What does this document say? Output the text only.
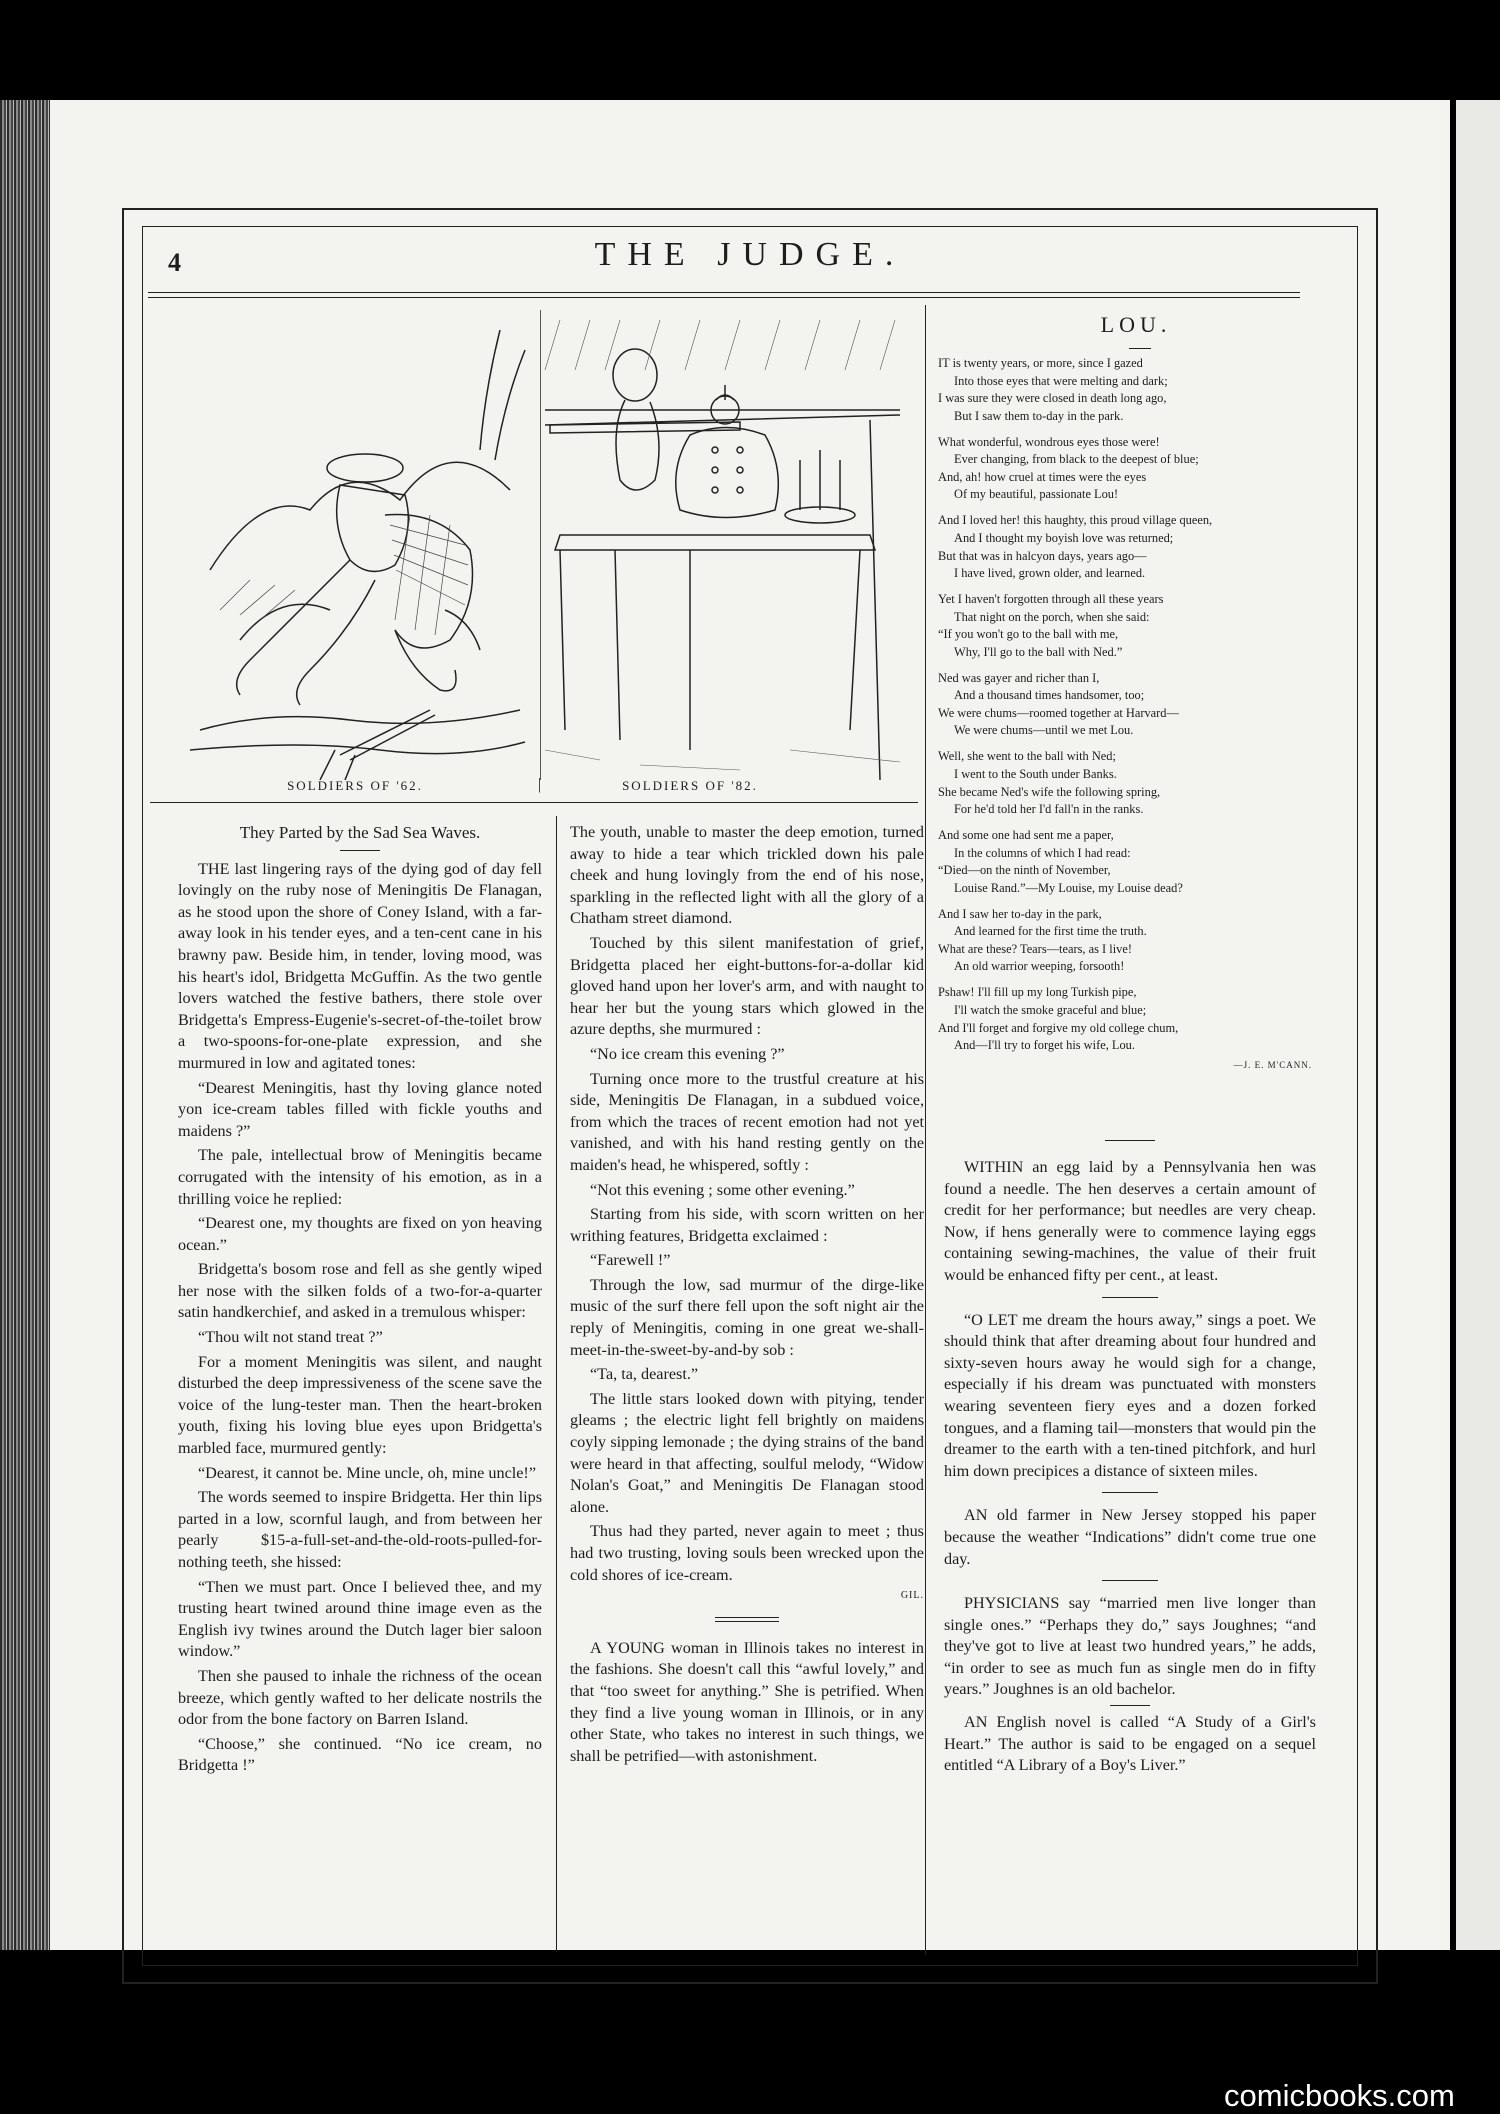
4	THE JUDGE.
SOLDIERS OF '62.	|	SOLDIERS OF '82.

They Parted by the Sad Sea Waves.

THE last lingering rays of the dying god of day fell lovingly on the ruby nose of Meningitis De Flanagan, as he stood upon the shore of Coney Island, with a far-away look in his tender eyes, and a ten-cent cane in his brawny paw. Beside him, in tender, loving mood, was his heart's idol, Bridgetta McGuffin. As the two gentle lovers watched the festive bathers, there stole over Bridgetta's Empress-Eugenie's-secret-of-the-toilet brow a two-spoons-for-one-plate expression, and she murmured in low and agitated tones:

“Dearest Meningitis, hast thy loving glance noted yon ice-cream tables filled with fickle youths and maidens ?”

The pale, intellectual brow of Meningitis became corrugated with the intensity of his emotion, as in a thrilling voice he replied:

“Dearest one, my thoughts are fixed on yon heaving ocean.”

Bridgetta's bosom rose and fell as she gently wiped her nose with the silken folds of a two-for-a-quarter satin handkerchief, and asked in a tremulous whisper:

“Thou wilt not stand treat ?”

For a moment Meningitis was silent, and naught disturbed the deep impressiveness of the scene save the voice of the lung-tester man. Then the heart-broken youth, fixing his loving blue eyes upon Bridgetta's marbled face, murmured gently:

“Dearest, it cannot be. Mine uncle, oh, mine uncle!”

The words seemed to inspire Bridgetta. Her thin lips parted in a low, scornful laugh, and from between her pearly $15-a-full-set-and-the-old-roots-pulled-for-nothing teeth, she hissed:

“Then we must part. Once I believed thee, and my trusting heart twined around thine image even as the English ivy twines around the Dutch lager bier saloon window.”

Then she paused to inhale the richness of the ocean breeze, which gently wafted to her delicate nostrils the odor from the bone factory on Barren Island.

“Choose,” she continued. “No ice cream, no Bridgetta !”

The youth, unable to master the deep emotion, turned away to hide a tear which trickled down his pale cheek and hung lovingly from the end of his nose, sparkling in the reflected light with all the glory of a Chatham street diamond.

Touched by this silent manifestation of grief, Bridgetta placed her eight-buttons-for-a-dollar kid gloved hand upon her lover's arm, and with naught to hear her but the young stars which glowed in the azure depths, she murmured :

“No ice cream this evening ?”

Turning once more to the trustful creature at his side, Meningitis De Flanagan, in a subdued voice, from which the traces of recent emotion had not yet vanished, and with his hand resting gently on the maiden's head, he whispered, softly :

“Not this evening ; some other evening.”

Starting from his side, with scorn written on her writhing features, Bridgetta exclaimed :

“Farewell !”

Through the low, sad murmur of the dirge-like music of the surf there fell upon the soft night air the reply of Meningitis, coming in one great we-shall-meet-in-the-sweet-by-and-by sob :

“Ta, ta, dearest.”

The little stars looked down with pitying, tender gleams ; the electric light fell brightly on maidens coyly sipping lemonade ; the dying strains of the band were heard in that affecting, soulful melody, “Widow Nolan's Goat,” and Meningitis De Flanagan stood alone.

Thus had they parted, never again to meet ; thus had two trusting, loving souls been wrecked upon the cold shores of ice-cream.

GIL.

A YOUNG woman in Illinois takes no interest in the fashions. She doesn't call this “awful lovely,” and that “too sweet for anything.” She is petrified. When they find a live young woman in Illinois, or in any other State, who takes no interest in such things, we shall be petrified—with astonishment.

LOU.
IT is twenty years, or more, since I gazed
Into those eyes that were melting and dark;
I was sure they were closed in death long ago,
But I saw them to-day in the park.
What wonderful, wondrous eyes those were!
Ever changing, from black to the deepest of blue;
And, ah! how cruel at times were the eyes
Of my beautiful, passionate Lou!
And I loved her! this haughty, this proud village queen,
And I thought my boyish love was returned;
But that was in halcyon days, years ago—
I have lived, grown older, and learned.
Yet I haven't forgotten through all these years
That night on the porch, when she said:
“If you won't go to the ball with me,
Why, I'll go to the ball with Ned.”
Ned was gayer and richer than I,
And a thousand times handsomer, too;
We were chums—roomed together at Harvard—
We were chums—until we met Lou.
Well, she went to the ball with Ned;
I went to the South under Banks.
She became Ned's wife the following spring,
For he'd told her I'd fall'n in the ranks.
And some one had sent me a paper,
In the columns of which I had read:
“Died—on the ninth of November,
Louise Rand.”—My Louise, my Louise dead?
And I saw her to-day in the park,
And learned for the first time the truth.
What are these? Tears—tears, as I live!
An old warrior weeping, forsooth!
Pshaw! I'll fill up my long Turkish pipe,
I'll watch the smoke graceful and blue;
And I'll forget and forgive my old college chum,
And—I'll try to forget his wife, Lou.
—J. E. M'CANN.

WITHIN an egg laid by a Pennsylvania hen was found a needle. The hen deserves a certain amount of credit for her performance; but needles are very cheap. Now, if hens generally were to commence laying eggs containing sewing-machines, the value of their fruit would be enhanced fifty per cent., at least.

“O LET me dream the hours away,” sings a poet. We should think that after dreaming about four hundred and sixty-seven hours away he would sigh for a change, especially if his dream was punctuated with monsters wearing seventeen fiery eyes and a dozen forked tongues, and a flaming tail—monsters that would pin the dreamer to the earth with a ten-tined pitchfork, and hurl him down precipices a distance of sixteen miles.

AN old farmer in New Jersey stopped his paper because the weather “Indications” didn't come true one day.

PHYSICIANS say “married men live longer than single ones.” “Perhaps they do,” says Joughnes; “and they've got to live at least two hundred years,” he adds, “in order to see as much fun as single men do in fifty years.” Joughnes is an old bachelor.

AN English novel is called “A Study of a Girl's Heart.” The author is said to be engaged on a sequel entitled “A Library of a Boy's Liver.”

comicbooks.com
